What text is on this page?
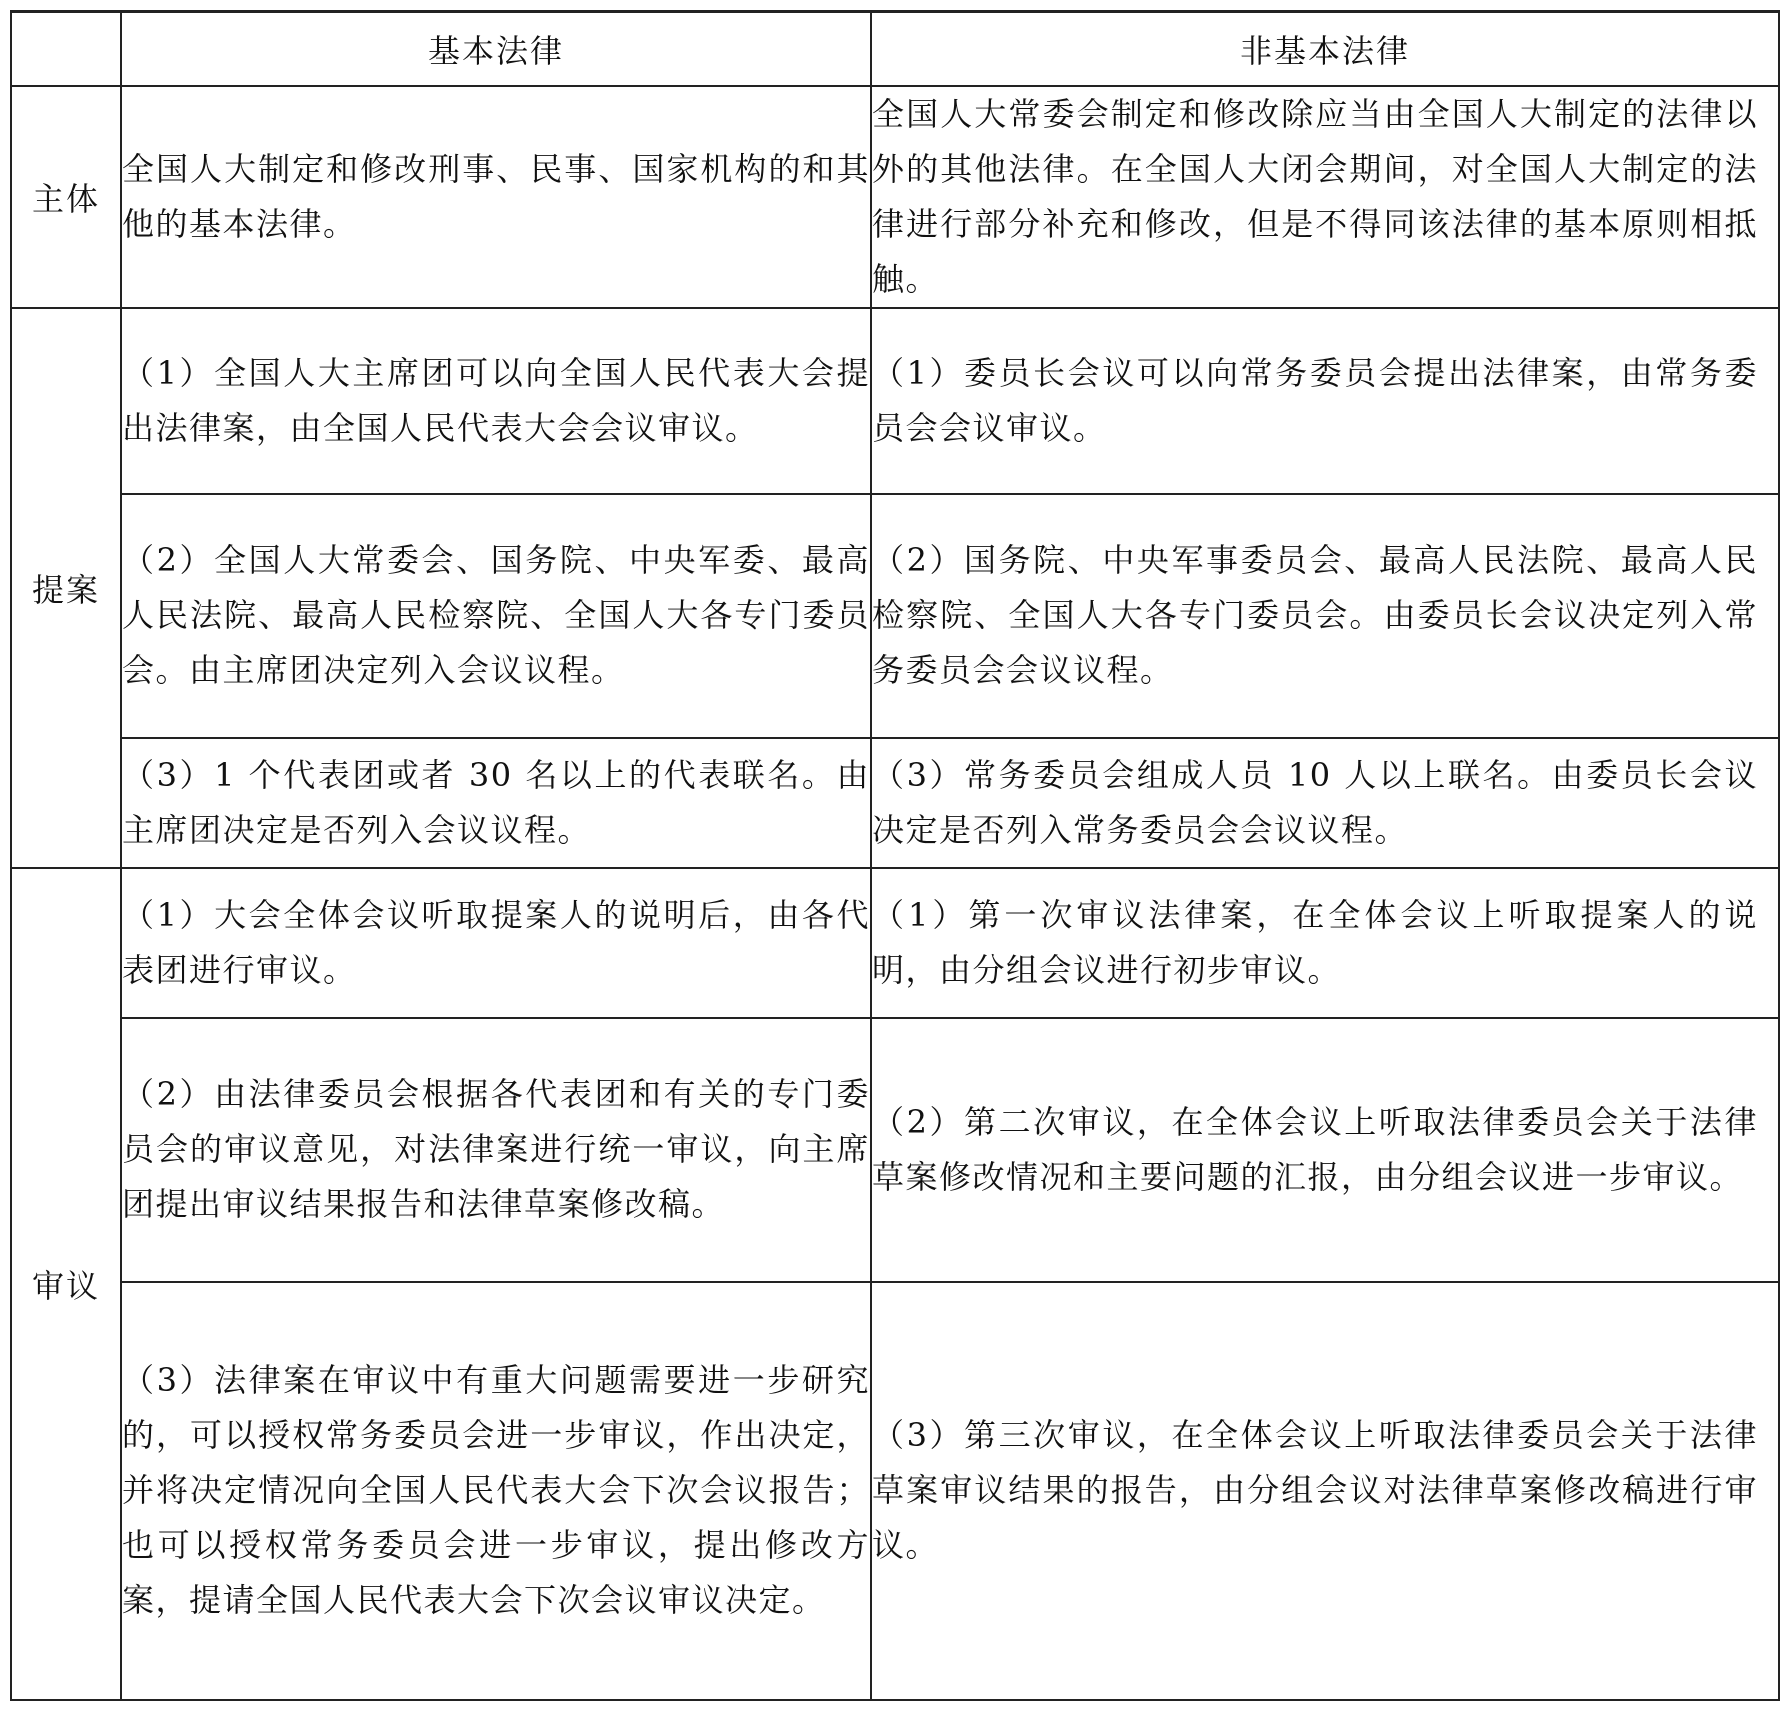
	基本法律	非基本法律
主体	全国人大制定和修改刑事、民事、国家机构的和其他的基本法律。	全国人大常委会制定和修改除应当由全国人大制定的法律以外的其他法律。在全国人大闭会期间，对全国人大制定的法律进行部分补充和修改，但是不得同该法律的基本原则相抵触。
提案	（1）全国人大主席团可以向全国人民代表大会提出法律案，由全国人民代表大会会议审议。	（1）委员长会议可以向常务委员会提出法律案，由常务委员会会议审议。
	（2）全国人大常委会、国务院、中央军委、最高人民法院、最高人民检察院、全国人大各专门委员会。由主席团决定列入会议议程。	（2）国务院、中央军事委员会、最高人民法院、最高人民检察院、全国人大各专门委员会。由委员长会议决定列入常务委员会会议议程。
	（3）1 个代表团或者 30 名以上的代表联名。由主席团决定是否列入会议议程。	（3）常务委员会组成人员 10 人以上联名。由委员长会议决定是否列入常务委员会会议议程。
审议	（1）大会全体会议听取提案人的说明后，由各代表团进行审议。	（1）第一次审议法律案，在全体会议上听取提案人的说明，由分组会议进行初步审议。
	（2）由法律委员会根据各代表团和有关的专门委员会的审议意见，对法律案进行统一审议，向主席团提出审议结果报告和法律草案修改稿。	（2）第二次审议，在全体会议上听取法律委员会关于法律草案修改情况和主要问题的汇报，由分组会议进一步审议。
	（3）法律案在审议中有重大问题需要进一步研究的，可以授权常务委员会进一步审议，作出决定，并将决定情况向全国人民代表大会下次会议报告；也可以授权常务委员会进一步审议，提出修改方案，提请全国人民代表大会下次会议审议决定。	（3）第三次审议，在全体会议上听取法律委员会关于法律草案审议结果的报告，由分组会议对法律草案修改稿进行审议。
